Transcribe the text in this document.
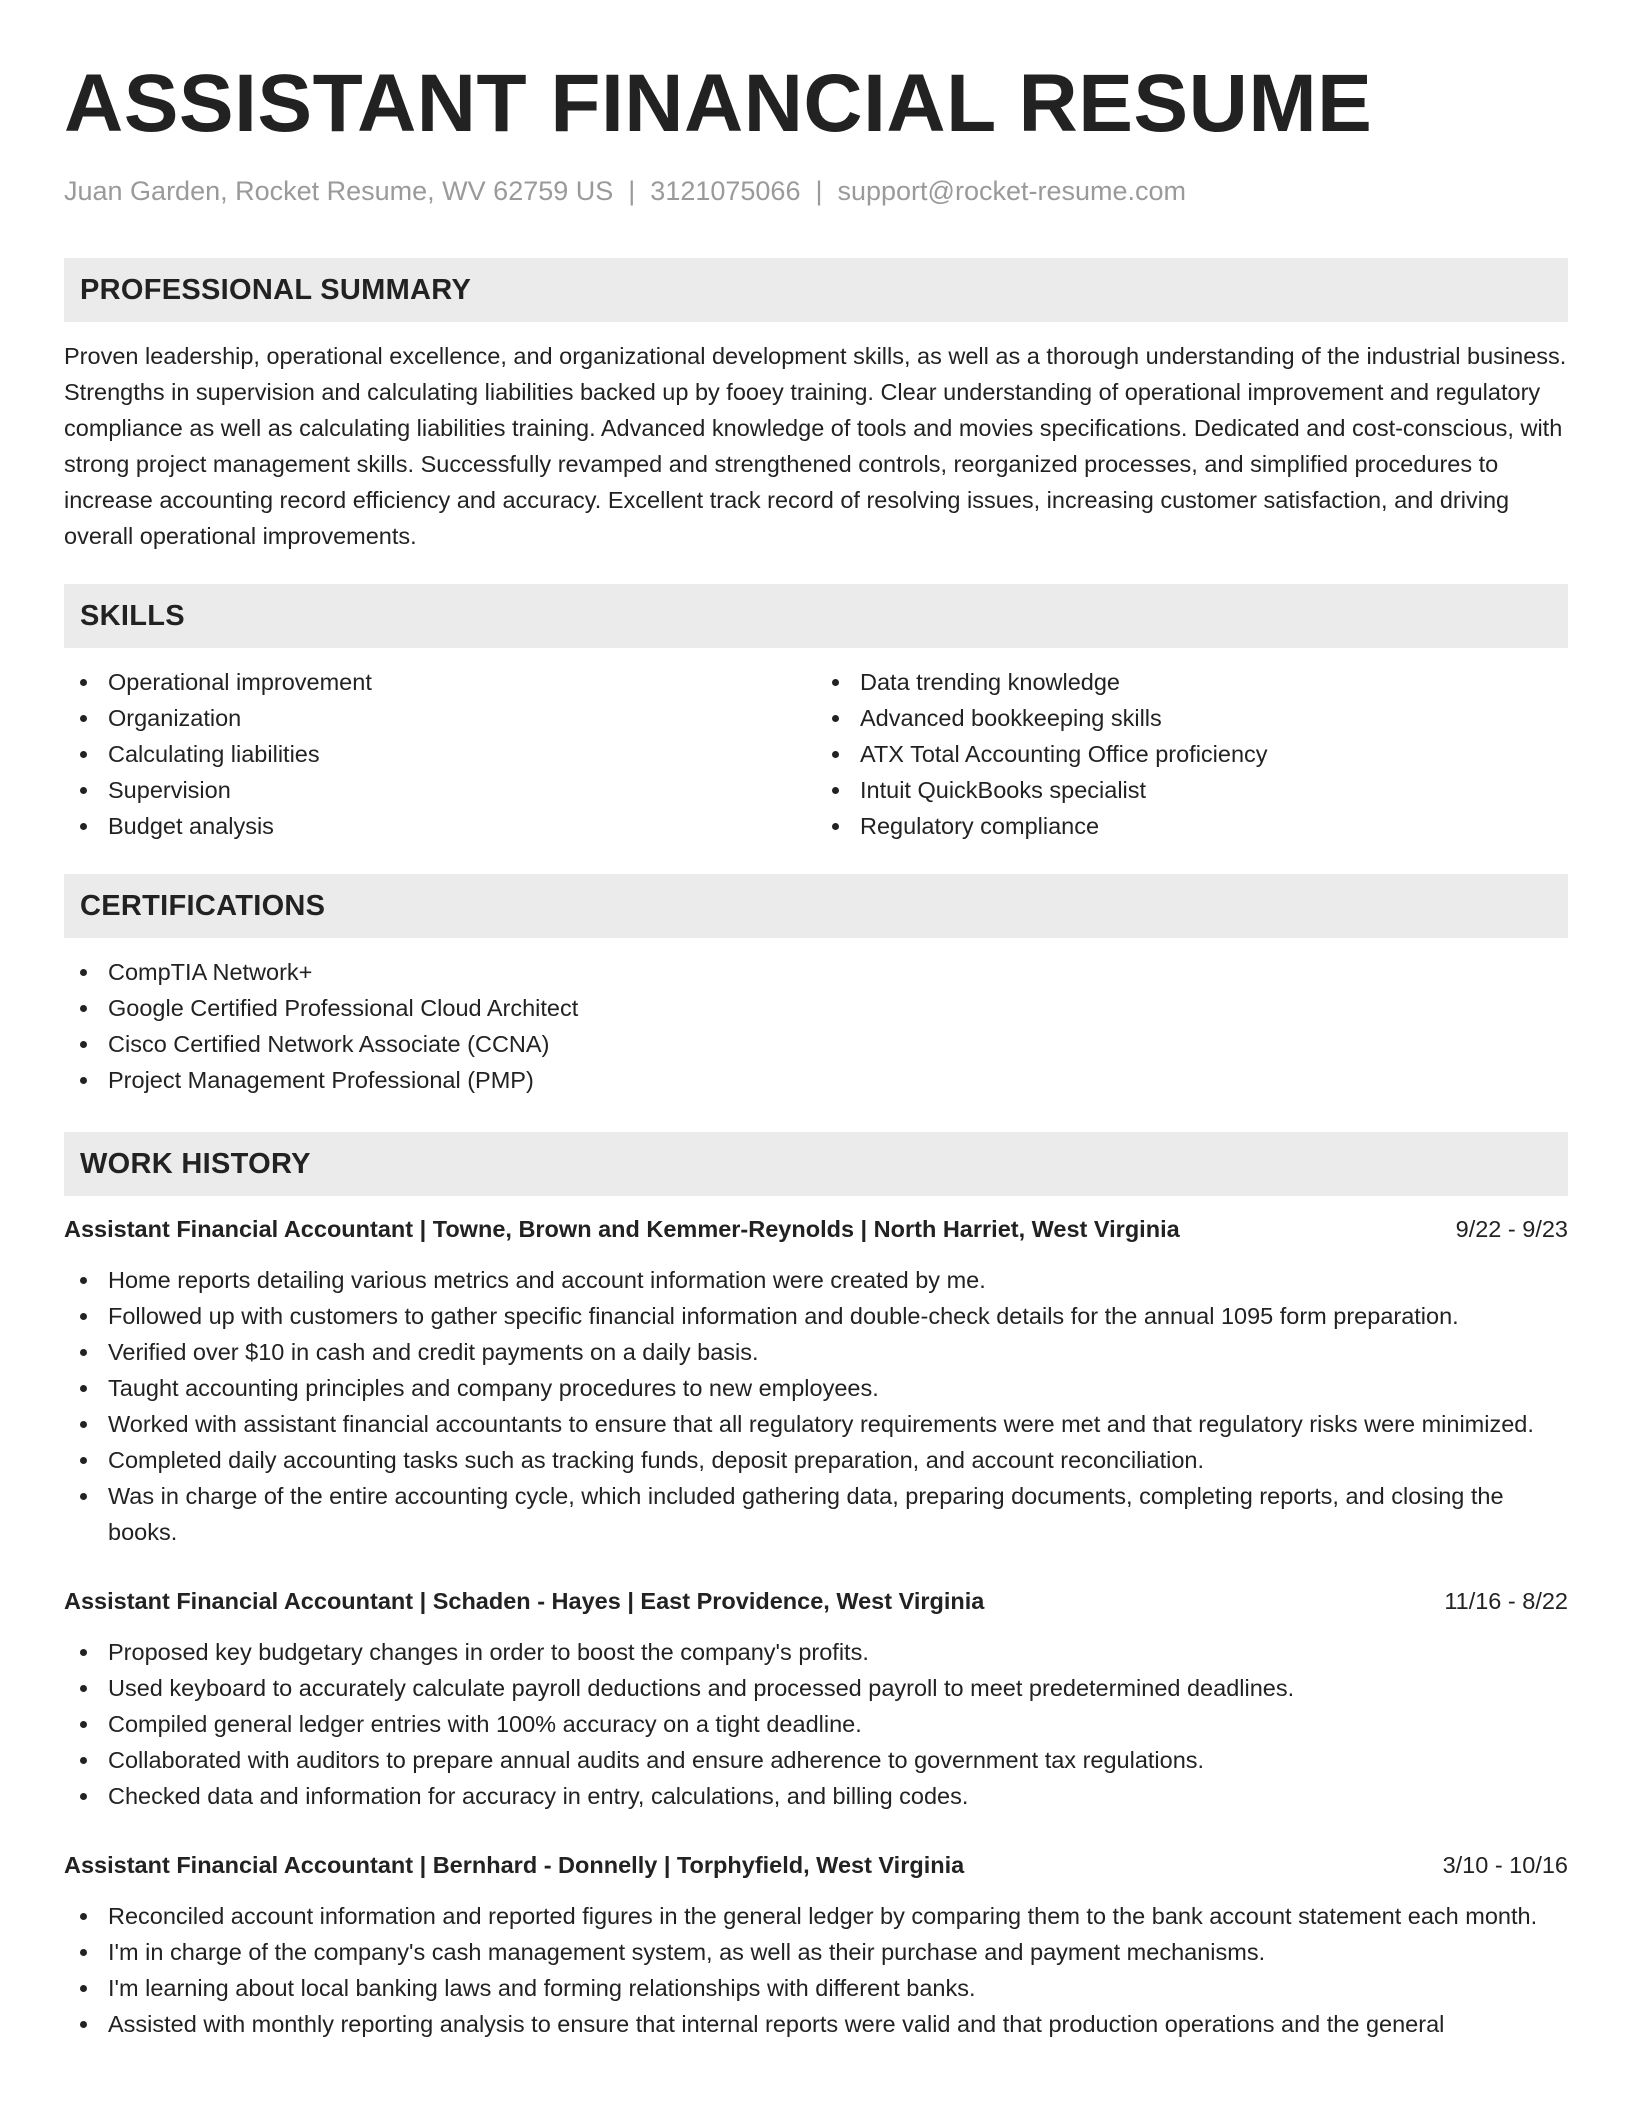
ASSISTANT FINANCIAL RESUME
Juan Garden, Rocket Resume, WV 62759 US | 3121075066 | support@rocket-resume.com
PROFESSIONAL SUMMARY

Proven leadership, operational excellence, and organizational development skills, as well as a thorough understanding of the industrial business. Strengths in supervision and calculating liabilities backed up by fooey training. Clear understanding of operational improvement and regulatory compliance as well as calculating liabilities training. Advanced knowledge of tools and movies specifications. Dedicated and cost-conscious, with strong project management skills. Successfully revamped and strengthened controls, reorganized processes, and simplified procedures to increase accounting record efficiency and accuracy. Excellent track record of resolving issues, increasing customer satisfaction, and driving overall operational improvements.

SKILLS
Operational improvement
Organization
Calculating liabilities
Supervision
Budget analysis
Data trending knowledge
Advanced bookkeeping skills
ATX Total Accounting Office proficiency
Intuit QuickBooks specialist
Regulatory compliance
CERTIFICATIONS
CompTIA Network+
Google Certified Professional Cloud Architect
Cisco Certified Network Associate (CCNA)
Project Management Professional (PMP)
WORK HISTORY
Assistant Financial Accountant | Towne, Brown and Kemmer-Reynolds | North Harriet, West Virginia	9/22 - 9/23
Home reports detailing various metrics and account information were created by me.
Followed up with customers to gather specific financial information and double-check details for the annual 1095 form preparation.
Verified over $10 in cash and credit payments on a daily basis.
Taught accounting principles and company procedures to new employees.
Worked with assistant financial accountants to ensure that all regulatory requirements were met and that regulatory risks were minimized.
Completed daily accounting tasks such as tracking funds, deposit preparation, and account reconciliation.
Was in charge of the entire accounting cycle, which included gathering data, preparing documents, completing reports, and closing the books.
Assistant Financial Accountant | Schaden - Hayes | East Providence, West Virginia	11/16 - 8/22
Proposed key budgetary changes in order to boost the company's profits.
Used keyboard to accurately calculate payroll deductions and processed payroll to meet predetermined deadlines.
Compiled general ledger entries with 100% accuracy on a tight deadline.
Collaborated with auditors to prepare annual audits and ensure adherence to government tax regulations.
Checked data and information for accuracy in entry, calculations, and billing codes.
Assistant Financial Accountant | Bernhard - Donnelly | Torphyfield, West Virginia	3/10 - 10/16
Reconciled account information and reported figures in the general ledger by comparing them to the bank account statement each month.
I'm in charge of the company's cash management system, as well as their purchase and payment mechanisms.
I'm learning about local banking laws and forming relationships with different banks.
Assisted with monthly reporting analysis to ensure that internal reports were valid and that production operations and the general
